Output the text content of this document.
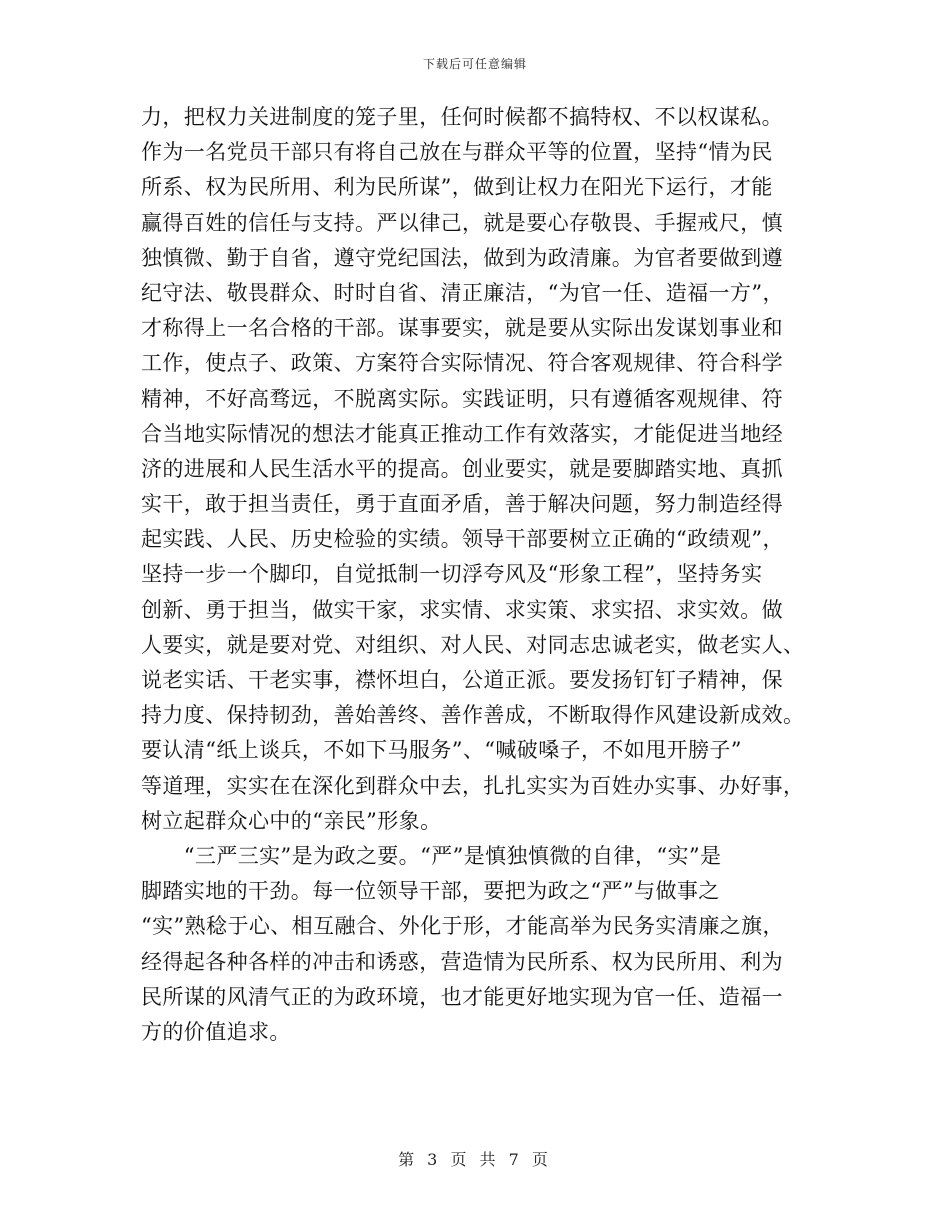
下载后可任意编辑
力，把权力关进制度的笼子里，任何时候都不搞特权、不以权谋私。
作为一名党员干部只有将自己放在与群众平等的位置，坚持“情为民
所系、权为民所用、利为民所谋”，做到让权力在阳光下运行，才能
赢得百姓的信任与支持。严以律己，就是要心存敬畏、手握戒尺，慎
独慎微、勤于自省，遵守党纪国法，做到为政清廉。为官者要做到遵
纪守法、敬畏群众、时时自省、清正廉洁，“为官一任、造福一方”，
才称得上一名合格的干部。谋事要实，就是要从实际出发谋划事业和
工作，使点子、政策、方案符合实际情况、符合客观规律、符合科学
精神，不好高骛远，不脱离实际。实践证明，只有遵循客观规律、符
合当地实际情况的想法才能真正推动工作有效落实，才能促进当地经
济的进展和人民生活水平的提高。创业要实，就是要脚踏实地、真抓
实干，敢于担当责任，勇于直面矛盾，善于解决问题，努力制造经得
起实践、人民、历史检验的实绩。领导干部要树立正确的“政绩观”，
坚持一步一个脚印，自觉抵制一切浮夸风及“形象工程”，坚持务实
创新、勇于担当，做实干家，求实情、求实策、求实招、求实效。做
人要实，就是要对党、对组织、对人民、对同志忠诚老实，做老实人、
说老实话、干老实事，襟怀坦白，公道正派。要发扬钉钉子精神，保
持力度、保持韧劲，善始善终、善作善成，不断取得作风建设新成效。
要认清“纸上谈兵，不如下马服务”、“喊破嗓子，不如甩开膀子”
等道理，实实在在深化到群众中去，扎扎实实为百姓办实事、办好事，
树立起群众心中的“亲民”形象。
　　“三严三实”是为政之要。“严”是慎独慎微的自律，“实”是
脚踏实地的干劲。每一位领导干部，要把为政之“严”与做事之
“实”熟稔于心、相互融合、外化于形，才能高举为民务实清廉之旗，
经得起各种各样的冲击和诱惑，营造情为民所系、权为民所用、利为
民所谋的风清气正的为政环境，也才能更好地实现为官一任、造福一
方的价值追求。
第 3 页 共 7 页
